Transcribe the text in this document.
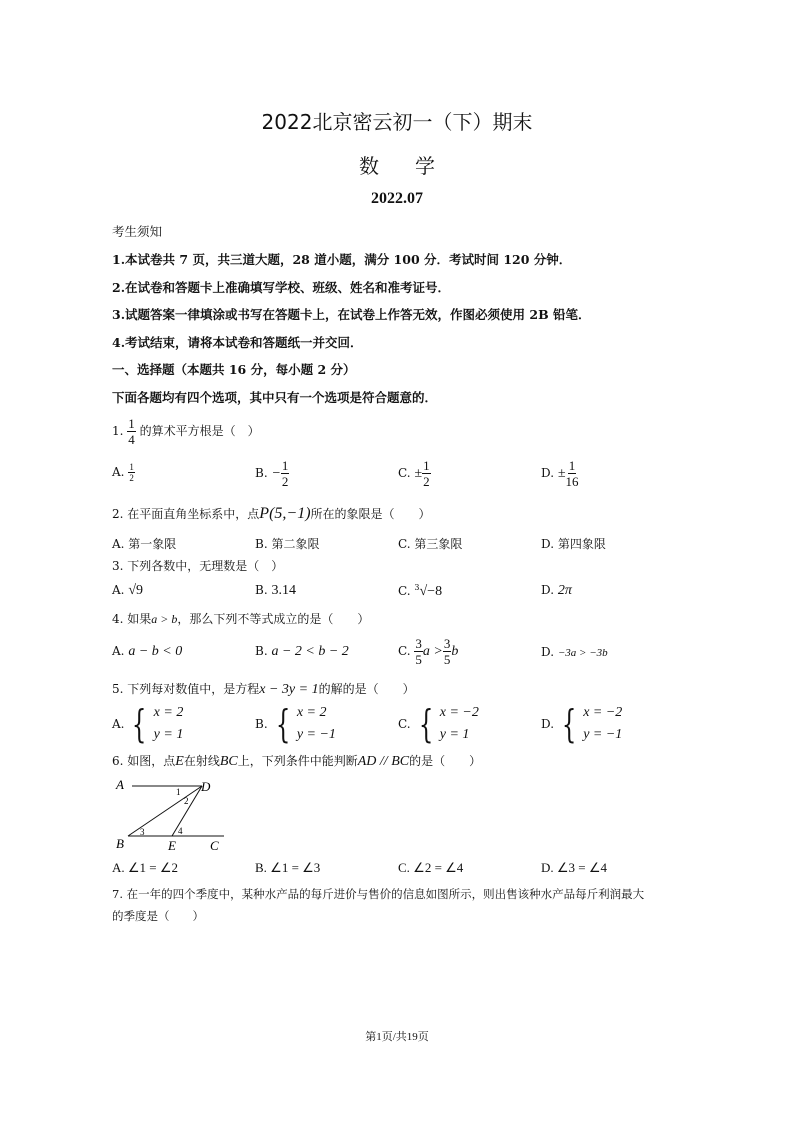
2022北京密云初一（下）期末
数学
2022.07
考生须知
1.本试卷共 7 页，共三道大题，28 道小题，满分 100 分．考试时间 120 分钟．
2.在试卷和答题卡上准确填写学校、班级、姓名和准考证号．
3.试题答案一律填涂或书写在答题卡上，在试卷上作答无效，作图必须使用 2B 铅笔．
4.考试结束，请将本试卷和答题纸一并交回．
一、选择题（本题共 16 分，每小题 2 分）
下面各题均有四个选项，其中只有一个选项是符合题意的．
1. $\frac{1}{4}$ 的算术平方根是（　）
A. $\frac{1}{2}$	B. − $\frac{1}{2}$	C. ± $\frac{1}{2}$	D. ± $\frac{1}{16}$
2. 在平面直角坐标系中，点P(5,−1)所在的象限是（　　）
A. 第一象限	B. 第二象限	C. 第三象限	D. 第四象限
3. 下列各数中，无理数是（　）
A. √9	B. 3.14	C. $^3$√−8	D. 2π
4. 如果a > b，那么下列不等式成立的是（　　）
A. a − b < 0	B. a − 2 < b − 2	C. $\frac{3}{5}$ $a > \frac{3}{5}$ b	D. −3a > −3b
5. 下列每对数值中，是方程x − 3y = 1的解的是（　　）
A. { x = 2
y = 1
B. { x = 2
y = −1
C. { x = −2
y = 1
D. { x = −2
y = −1
6. 如图，点E在射线BC上，下列条件中能判断AD // BC的是（　　）
A	D
B	E	C
1
2
3	4
A. ∠1 = ∠2	B. ∠1 = ∠3	C. ∠2 = ∠4	D. ∠3 = ∠4
7. 在一年的四个季度中，某种水产品的每斤进价与售价的信息如图所示，则出售该种水产品每斤利润最大
的季度是（　　）
第1页/共19页
